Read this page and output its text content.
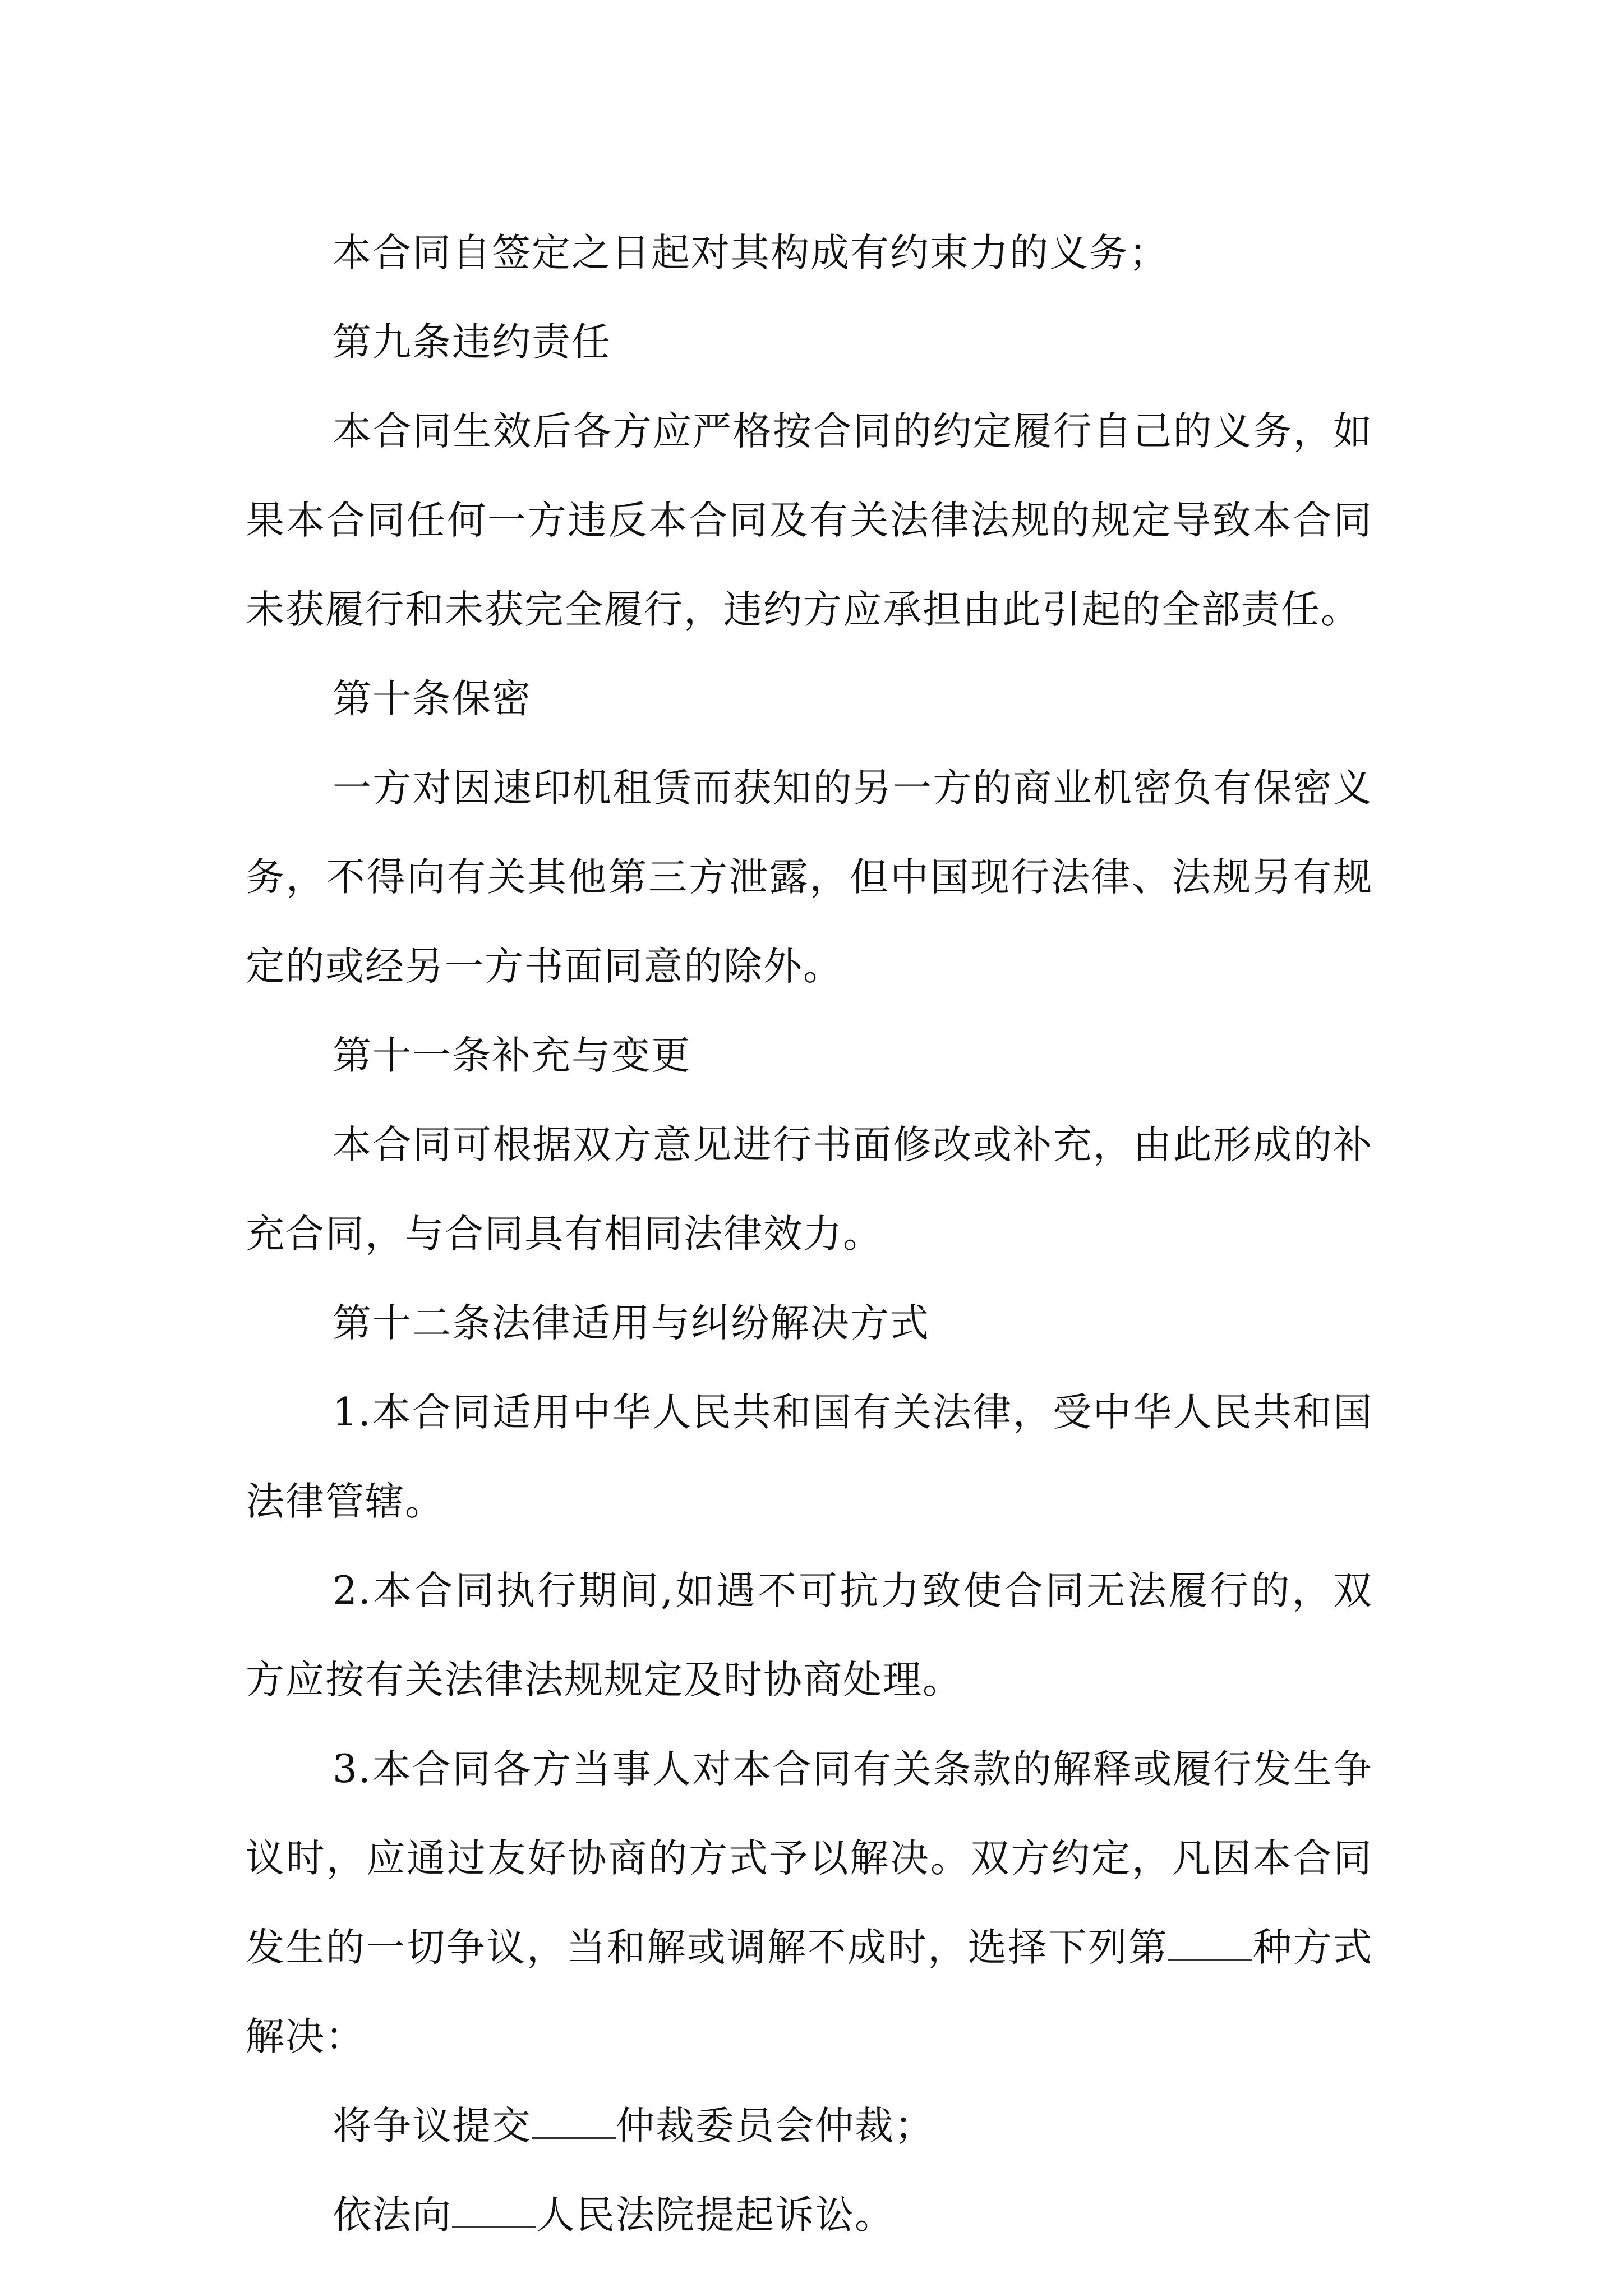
本合同自签定之日起对其构成有约束力的义务；

第九条违约责任

本合同生效后各方应严格按合同的约定履行自己的义务，如果本合同任何一方违反本合同及有关法律法规的规定导致本合同未获履行和未获完全履行，违约方应承担由此引起的全部责任。

第十条保密

一方对因速印机租赁而获知的另一方的商业机密负有保密义务，不得向有关其他第三方泄露，但中国现行法律、法规另有规定的或经另一方书面同意的除外。

第十一条补充与变更

本合同可根据双方意见进行书面修改或补充，由此形成的补充合同，与合同具有相同法律效力。

第十二条法律适用与纠纷解决方式

1.本合同适用中华人民共和国有关法律，受中华人民共和国法律管辖。

2.本合同执行期间,如遇不可抗力致使合同无法履行的，双方应按有关法律法规规定及时协商处理。

3.本合同各方当事人对本合同有关条款的解释或履行发生争议时，应通过友好协商的方式予以解决。双方约定，凡因本合同发生的一切争议，当和解或调解不成时，选择下列第 种方式解决：

将争议提交 仲裁委员会仲裁；

依法向 人民法院提起诉讼。
